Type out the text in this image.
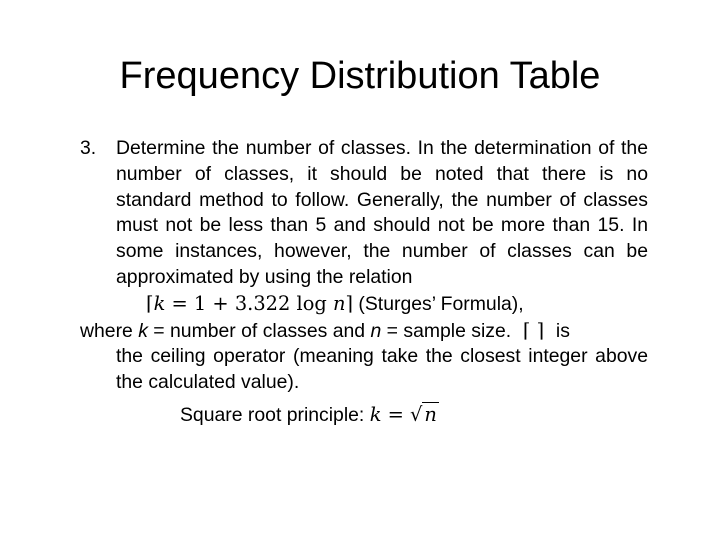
Frequency Distribution Table
3. Determine the number of classes. In the determination of the number of classes, it should be noted that there is no standard method to follow. Generally, the number of classes must not be less than 5 and should not be more than 15. In some instances, however, the number of classes can be approximated by using the relation

⌈k = 1 + 3.322 log n⌉ (Sturges’ Formula),

where k = number of classes and n = sample size. ⌈ ⌉ is

the ceiling operator (meaning take the closest integer above the calculated value).

Square root principle: k = √ n
